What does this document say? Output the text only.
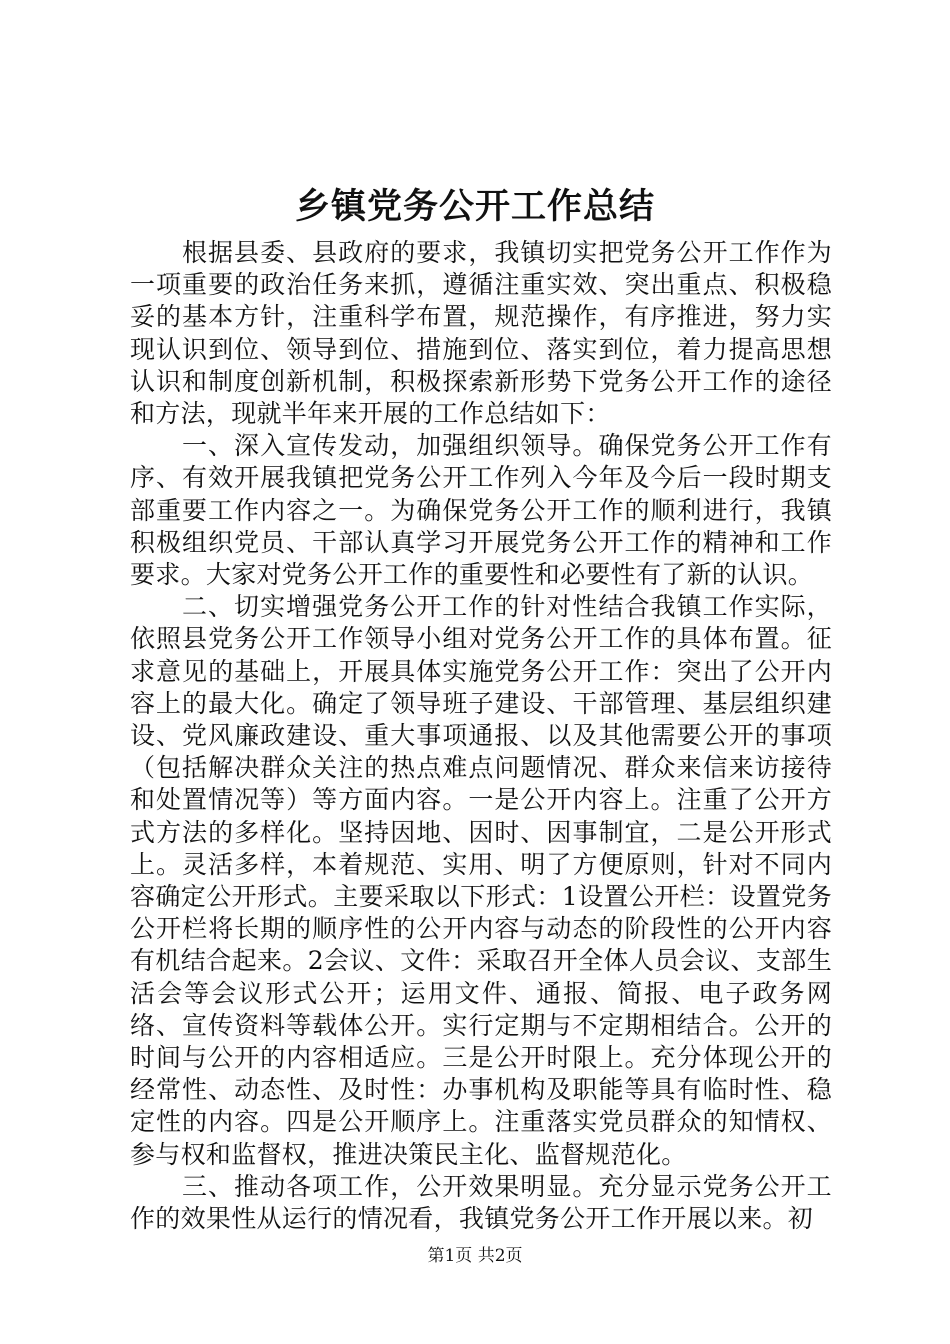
乡镇党务公开工作总结

根据县委、县政府的要求，我镇切实把党务公开工作作为一项重要的政治任务来抓，遵循注重实效、突出重点、积极稳妥的基本方针，注重科学布置，规范操作，有序推进，努力实现认识到位、领导到位、措施到位、落实到位，着力提高思想认识和制度创新机制，积极探索新形势下党务公开工作的途径和方法，现就半年来开展的工作总结如下：

一、深入宣传发动，加强组织领导。确保党务公开工作有序、有效开展我镇把党务公开工作列入今年及今后一段时期支部重要工作内容之一。为确保党务公开工作的顺利进行，我镇积极组织党员、干部认真学习开展党务公开工作的精神和工作要求。大家对党务公开工作的重要性和必要性有了新的认识。

二、切实增强党务公开工作的针对性结合我镇工作实际，依照县党务公开工作领导小组对党务公开工作的具体布置。征求意见的基础上，开展具体实施党务公开工作：突出了公开内容上的最大化。确定了领导班子建设、干部管理、基层组织建设、党风廉政建设、重大事项通报、以及其他需要公开的事项（包括解决群众关注的热点难点问题情况、群众来信来访接待和处置情况等）等方面内容。一是公开内容上。注重了公开方式方法的多样化。坚持因地、因时、因事制宜，二是公开形式上。灵活多样，本着规范、实用、明了方便原则，针对不同内容确定公开形式。主要采取以下形式：1设置公开栏：设置党务公开栏将长期的顺序性的公开内容与动态的阶段性的公开内容有机结合起来。2会议、文件：采取召开全体人员会议、支部生活会等会议形式公开；运用文件、通报、简报、电子政务网络、宣传资料等载体公开。实行定期与不定期相结合。公开的时间与公开的内容相适应。三是公开时限上。充分体现公开的经常性、动态性、及时性：办事机构及职能等具有临时性、稳定性的内容。四是公开顺序上。注重落实党员群众的知情权、参与权和监督权，推进决策民主化、监督规范化。

三、推动各项工作，公开效果明显。充分显示党务公开工作的效果性从运行的情况看，我镇党务公开工作开展以来。初

第1页 共2页
